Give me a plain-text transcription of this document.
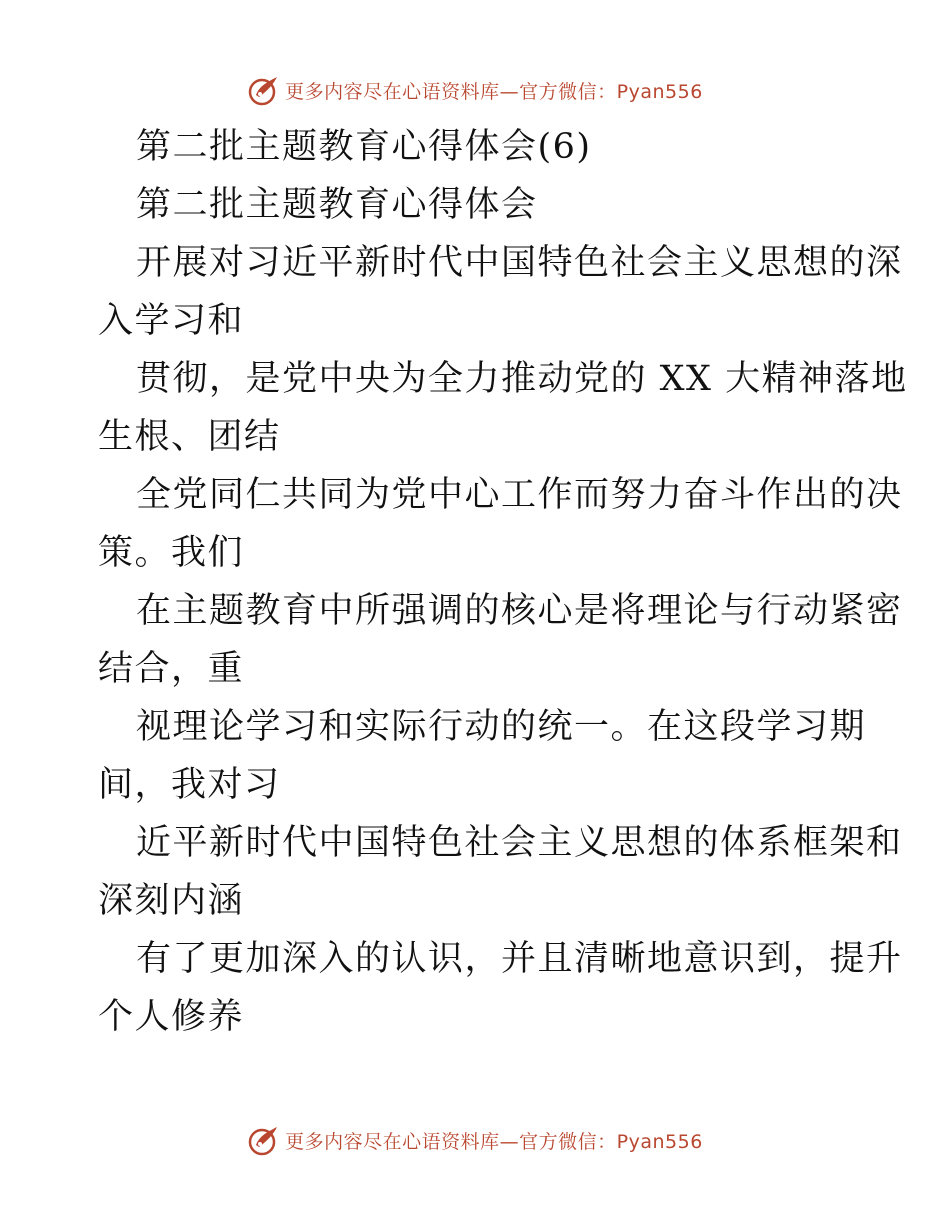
更多内容尽在心语资料库—官方微信：Pyan556
第二批主题教育心得体会(6)
第二批主题教育心得体会
开展对习近平新时代中国特色社会主义思想的深
入学习和
贯彻，是党中央为全力推动党的 XX 大精神落地
生根、团结
全党同仁共同为党中心工作而努力奋斗作出的决
策。我们
在主题教育中所强调的核心是将理论与行动紧密
结合，重
视理论学习和实际行动的统一。在这段学习期
间，我对习
近平新时代中国特色社会主义思想的体系框架和
深刻内涵
有了更加深入的认识，并且清晰地意识到，提升
个人修养
更多内容尽在心语资料库—官方微信：Pyan556
